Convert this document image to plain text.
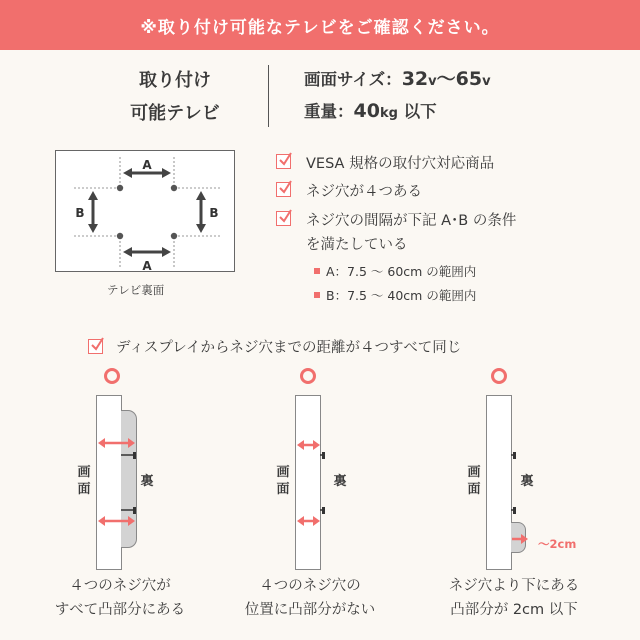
※取り付け可能なテレビをご確認ください。
取り付け
可能テレビ
画面サイズ：32v～65v
重量：40kg 以下
A
A
B	B
テレビ裏面
VESA 規格の取付穴対応商品
ネジ穴が４つある
ネジ穴の間隔が下記 A･B の条件
を満たしている
A：7.5 ～ 60cm の範囲内
B：7.5 ～ 40cm の範囲内
ディスプレイからネジ穴までの距離が４つすべて同じ
画面
裏
４つのネジ穴が
すべて凸部分にある
画面
裏
４つのネジ穴の
位置に凸部分がない
画面
～2cm
裏
ネジ穴より下にある
凸部分が 2cm 以下
